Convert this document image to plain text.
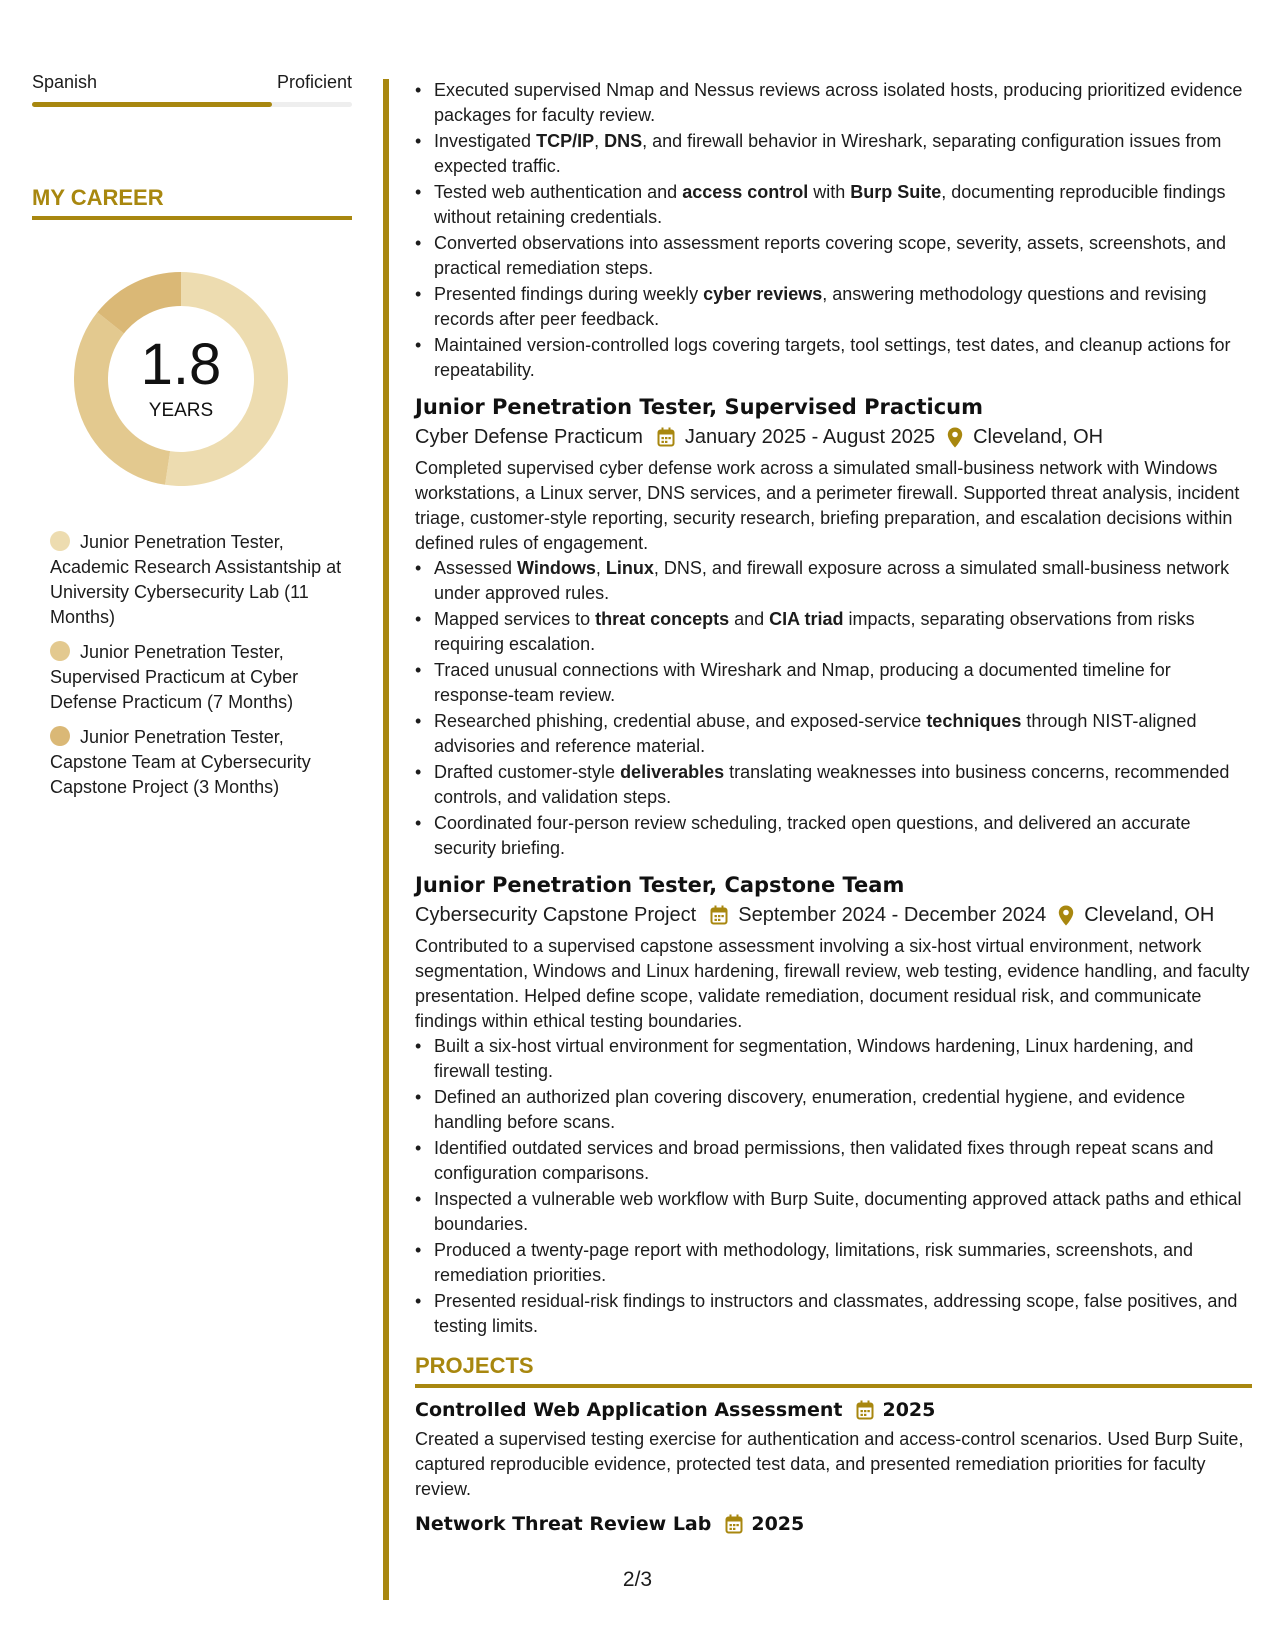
Spanish	Proficient
MY CAREER
1.8
YEARS
Junior Penetration Tester, Academic Research Assistantship at University Cybersecurity Lab (11 Months)
Junior Penetration Tester, Supervised Practicum at Cyber Defense Practicum (7 Months)
Junior Penetration Tester, Capstone Team at Cybersecurity Capstone Project (3 Months)
• Executed supervised Nmap and Nessus reviews across isolated hosts, producing prioritized evidence packages for faculty review.
• Investigated TCP/IP, DNS, and firewall behavior in Wireshark, separating configuration issues from expected traffic.
• Tested web authentication and access control with Burp Suite, documenting reproducible findings without retaining credentials.
• Converted observations into assessment reports covering scope, severity, assets, screenshots, and practical remediation steps.
• Presented findings during weekly cyber reviews, answering methodology questions and revising records after peer feedback.
• Maintained version-controlled logs covering targets, tool settings, test dates, and cleanup actions for repeatability.
Junior Penetration Tester, Supervised Practicum
Cyber Defense Practicum January 2025 - August 2025 Cleveland, OH
Completed supervised cyber defense work across a simulated small-business network with Windows workstations, a Linux server, DNS services, and a perimeter firewall. Supported threat analysis, incident triage, customer-style reporting, security research, briefing preparation, and escalation decisions within defined rules of engagement.
• Assessed Windows, Linux, DNS, and firewall exposure across a simulated small-business network under approved rules.
• Mapped services to threat concepts and CIA triad impacts, separating observations from risks requiring escalation.
• Traced unusual connections with Wireshark and Nmap, producing a documented timeline for response-team review.
• Researched phishing, credential abuse, and exposed-service techniques through NIST-aligned advisories and reference material.
• Drafted customer-style deliverables translating weaknesses into business concerns, recommended controls, and validation steps.
• Coordinated four-person review scheduling, tracked open questions, and delivered an accurate security briefing.
Junior Penetration Tester, Capstone Team
Cybersecurity Capstone Project September 2024 - December 2024 Cleveland, OH
Contributed to a supervised capstone assessment involving a six-host virtual environment, network segmentation, Windows and Linux hardening, firewall review, web testing, evidence handling, and faculty presentation. Helped define scope, validate remediation, document residual risk, and communicate findings within ethical testing boundaries.
• Built a six-host virtual environment for segmentation, Windows hardening, Linux hardening, and firewall testing.
• Defined an authorized plan covering discovery, enumeration, credential hygiene, and evidence handling before scans.
• Identified outdated services and broad permissions, then validated fixes through repeat scans and configuration comparisons.
• Inspected a vulnerable web workflow with Burp Suite, documenting approved attack paths and ethical boundaries.
• Produced a twenty-page report with methodology, limitations, risk summaries, screenshots, and remediation priorities.
• Presented residual-risk findings to instructors and classmates, addressing scope, false positives, and testing limits.
PROJECTS
Controlled Web Application Assessment 2025
Created a supervised testing exercise for authentication and access-control scenarios. Used Burp Suite, captured reproducible evidence, protected test data, and presented remediation priorities for faculty review.
Network Threat Review Lab 2025
2/3
